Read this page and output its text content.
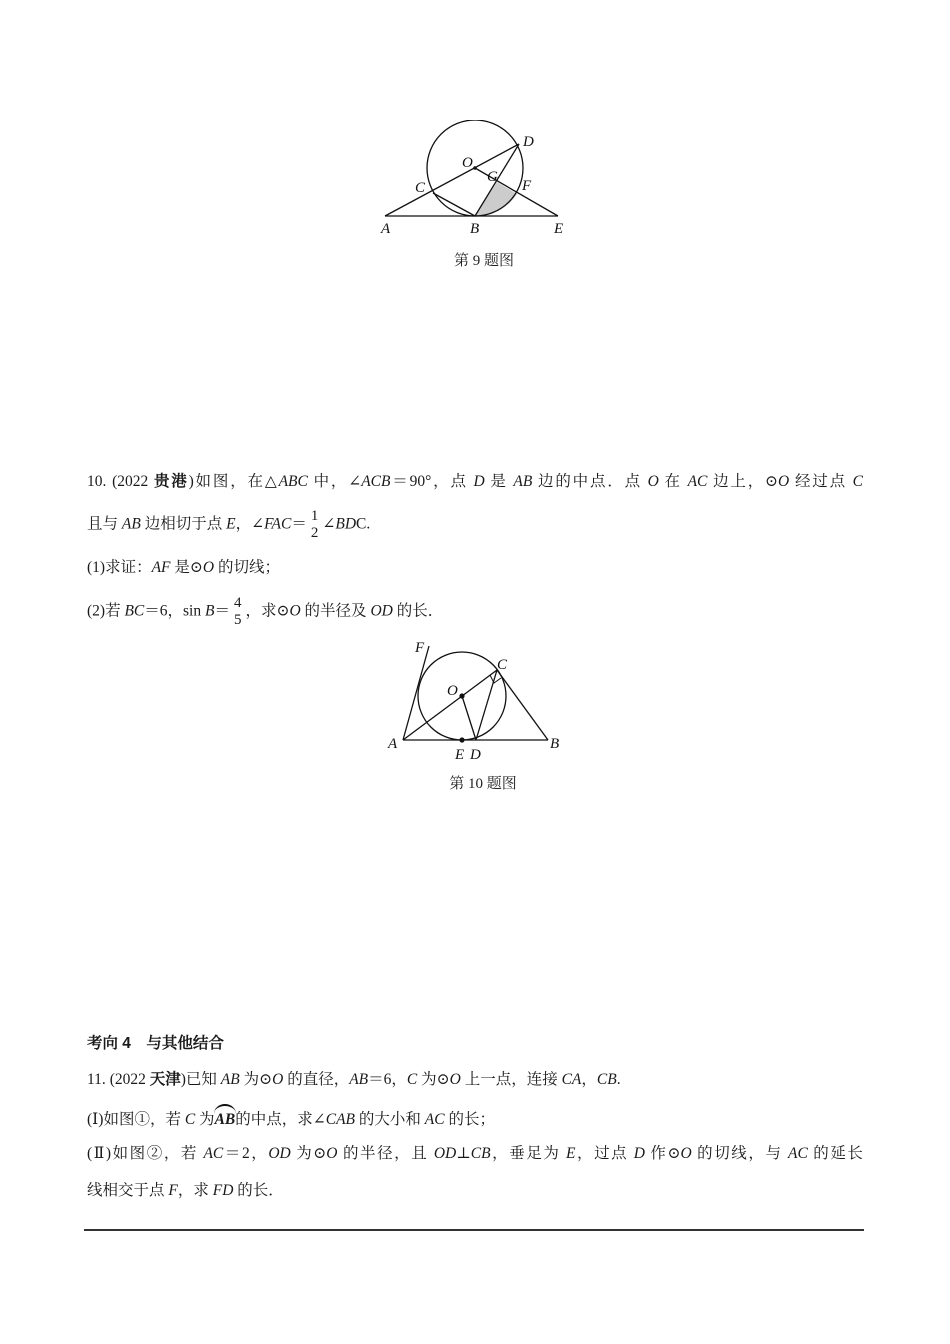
A	B	E
C
O
G
F
D
第 9 题图
10. (2022 贵港)如图，在△ABC 中，∠ACB＝90°，点 D 是 AB 边的中点．点 O 在 AC 边上，⊙O 经过点 C
且与 AB 边相切于点 E，∠FAC＝ 1
2
∠BDC.
(1)求证：AF 是⊙O 的切线；
(2)若 BC＝6，sin B＝ 4
5
，求⊙O 的半径及 OD 的长．
F
C
O
A	B
E D
第 10 题图
考向 4　与其他结合
11. (2022 天津)已知 AB 为⊙O 的直径，AB＝6，C 为⊙O 上一点，连接 CA，CB.
(Ⅰ)如图①，若 C 为AB的中点，求∠CAB 的大小和 AC 的长；
(Ⅱ)如图②，若 AC＝2，OD 为⊙O 的半径，且 OD⊥CB，垂足为 E，过点 D 作⊙O 的切线，与 AC 的延长
线相交于点 F，求 FD 的长．
